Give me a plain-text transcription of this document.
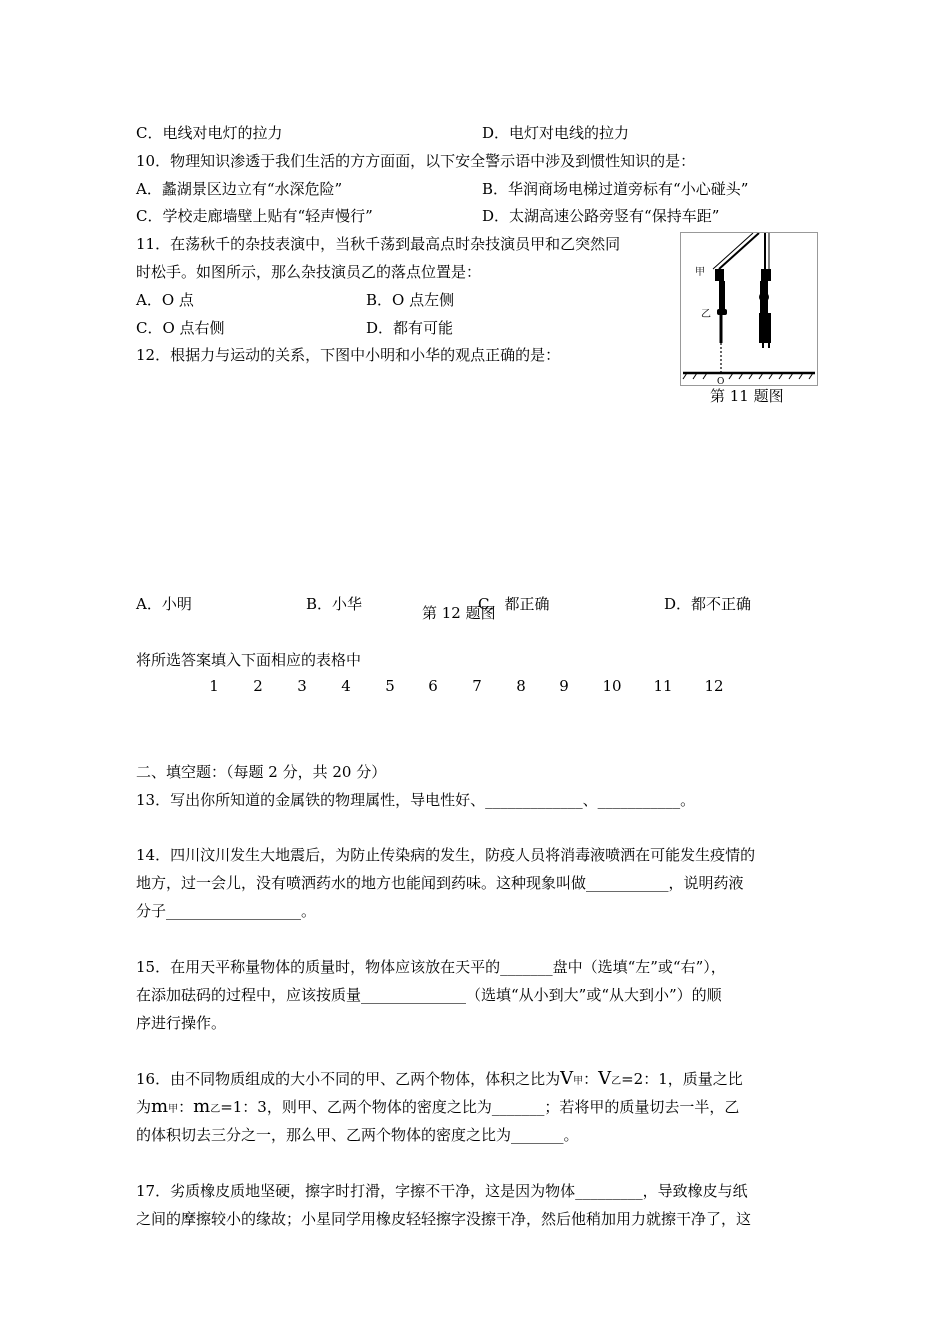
C．电线对电灯的拉力	D．电灯对电线的拉力
10．物理知识渗透于我们生活的方方面面，以下安全警示语中涉及到惯性知识的是：
A．蠡湖景区边立有“水深危险”	B．华润商场电梯过道旁标有“小心碰头”
C．学校走廊墙壁上贴有“轻声慢行”	D．太湖高速公路旁竖有“保持车距”
11．在荡秋千的杂技表演中，当秋千荡到最高点时杂技演员甲和乙突然同
时松手。如图所示，那么杂技演员乙的落点位置是：
A．O 点	B．O 点左侧
C．O 点右侧	D．都有可能
甲
乙
O
第 11 题图
12．根据力与运动的关系，下图中小明和小华的观点正确的是：
A．小明	B．小华	C．都正确	D．都不正确
第 12 题图
将所选答案填入下面相应的表格中
1	2	3	4	5	6	7	8	9	10	11	12
二、填空题：（每题 2 分，共 20 分）
13．写出你所知道的金属铁的物理属性，导电性好、_____________、___________。
14．四川汶川发生大地震后，为防止传染病的发生，防疫人员将消毒液喷洒在可能发生疫情的
地方，过一会儿，没有喷洒药水的地方也能闻到药味。这种现象叫做___________，说明药液
分子__________________。
15．在用天平称量物体的质量时，物体应该放在天平的_______盘中（选填“左”或“右”），
在添加砝码的过程中，应该按质量______________（选填“从小到大”或“从大到小”）的顺
序进行操作。
16．由不同物质组成的大小不同的甲、乙两个物体，体积之比为V甲：V乙=2：1，质量之比
为m甲：m乙=1：3，则甲、乙两个物体的密度之比为_______；若将甲的质量切去一半，乙
的体积切去三分之一，那么甲、乙两个物体的密度之比为_______。
17．劣质橡皮质地坚硬，擦字时打滑，字擦不干净，这是因为物体_________，导致橡皮与纸
之间的摩擦较小的缘故；小星同学用橡皮轻轻擦字没擦干净，然后他稍加用力就擦干净了，这
